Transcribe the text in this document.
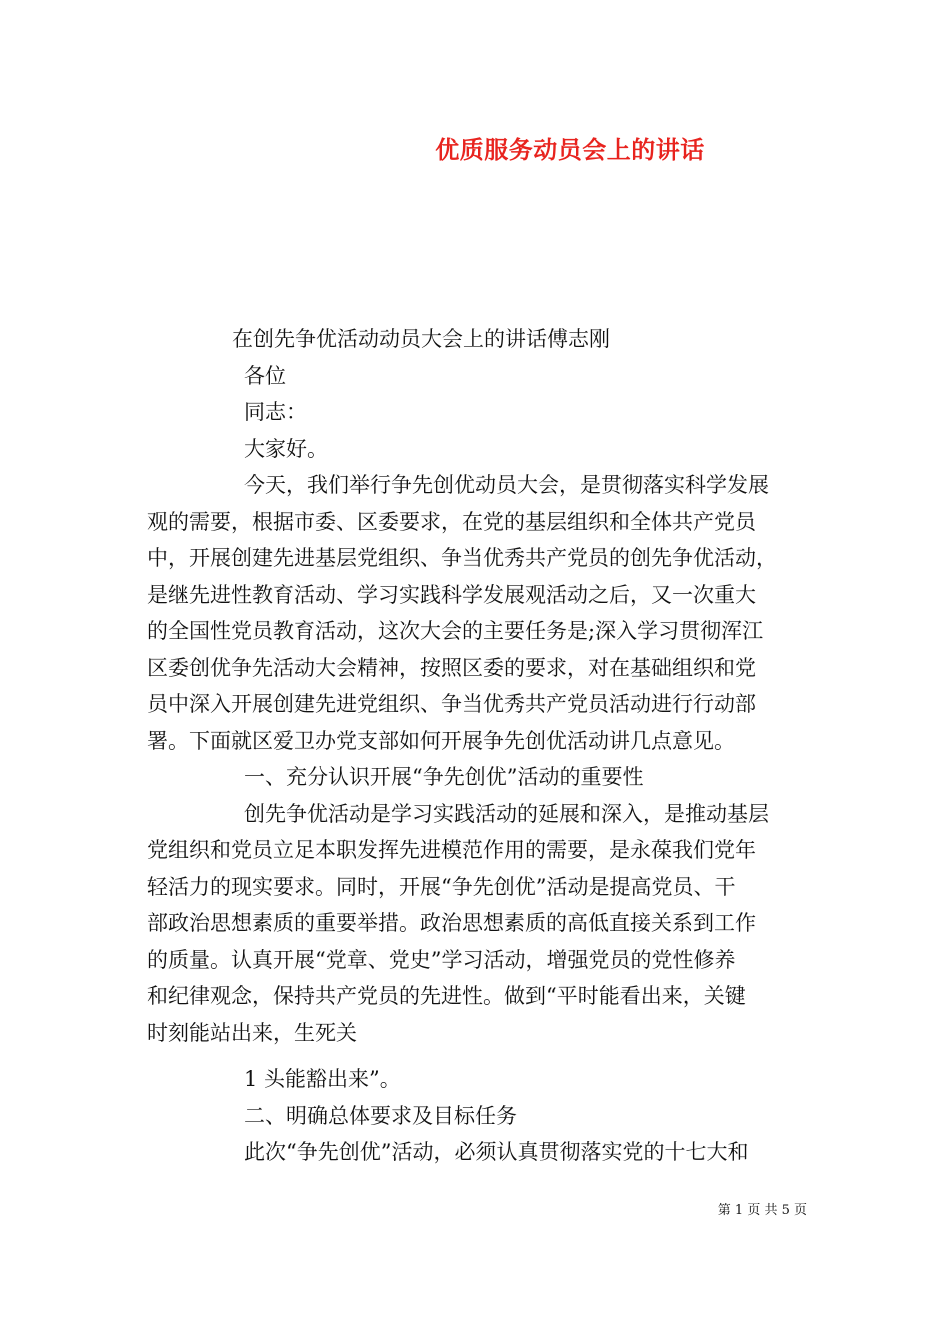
优质服务动员会上的讲话
在创先争优活动动员大会上的讲话傅志刚
各位
同志：
大家好。
今天，我们举行争先创优动员大会，是贯彻落实科学发展
观的需要，根据市委、区委要求，在党的基层组织和全体共产党员
中，开展创建先进基层党组织、争当优秀共产党员的创先争优活动，
是继先进性教育活动、学习实践科学发展观活动之后，又一次重大
的全国性党员教育活动，这次大会的主要任务是;深入学习贯彻浑江
区委创优争先活动大会精神，按照区委的要求，对在基础组织和党
员中深入开展创建先进党组织、争当优秀共产党员活动进行行动部
署。下面就区爱卫办党支部如何开展争先创优活动讲几点意见。
一、充分认识开展“争先创优”活动的重要性
创先争优活动是学习实践活动的延展和深入，是推动基层
党组织和党员立足本职发挥先进模范作用的需要，是永葆我们党年
轻活力的现实要求。同时，开展“争先创优”活动是提高党员、干
部政治思想素质的重要举措。政治思想素质的高低直接关系到工作
的质量。认真开展“党章、党史”学习活动，增强党员的党性修养
和纪律观念，保持共产党员的先进性。做到“平时能看出来，关键
时刻能站出来，生死关
1 头能豁出来”。
二、明确总体要求及目标任务
此次“争先创优”活动，必须认真贯彻落实党的十七大和
第 1 页 共 5 页
